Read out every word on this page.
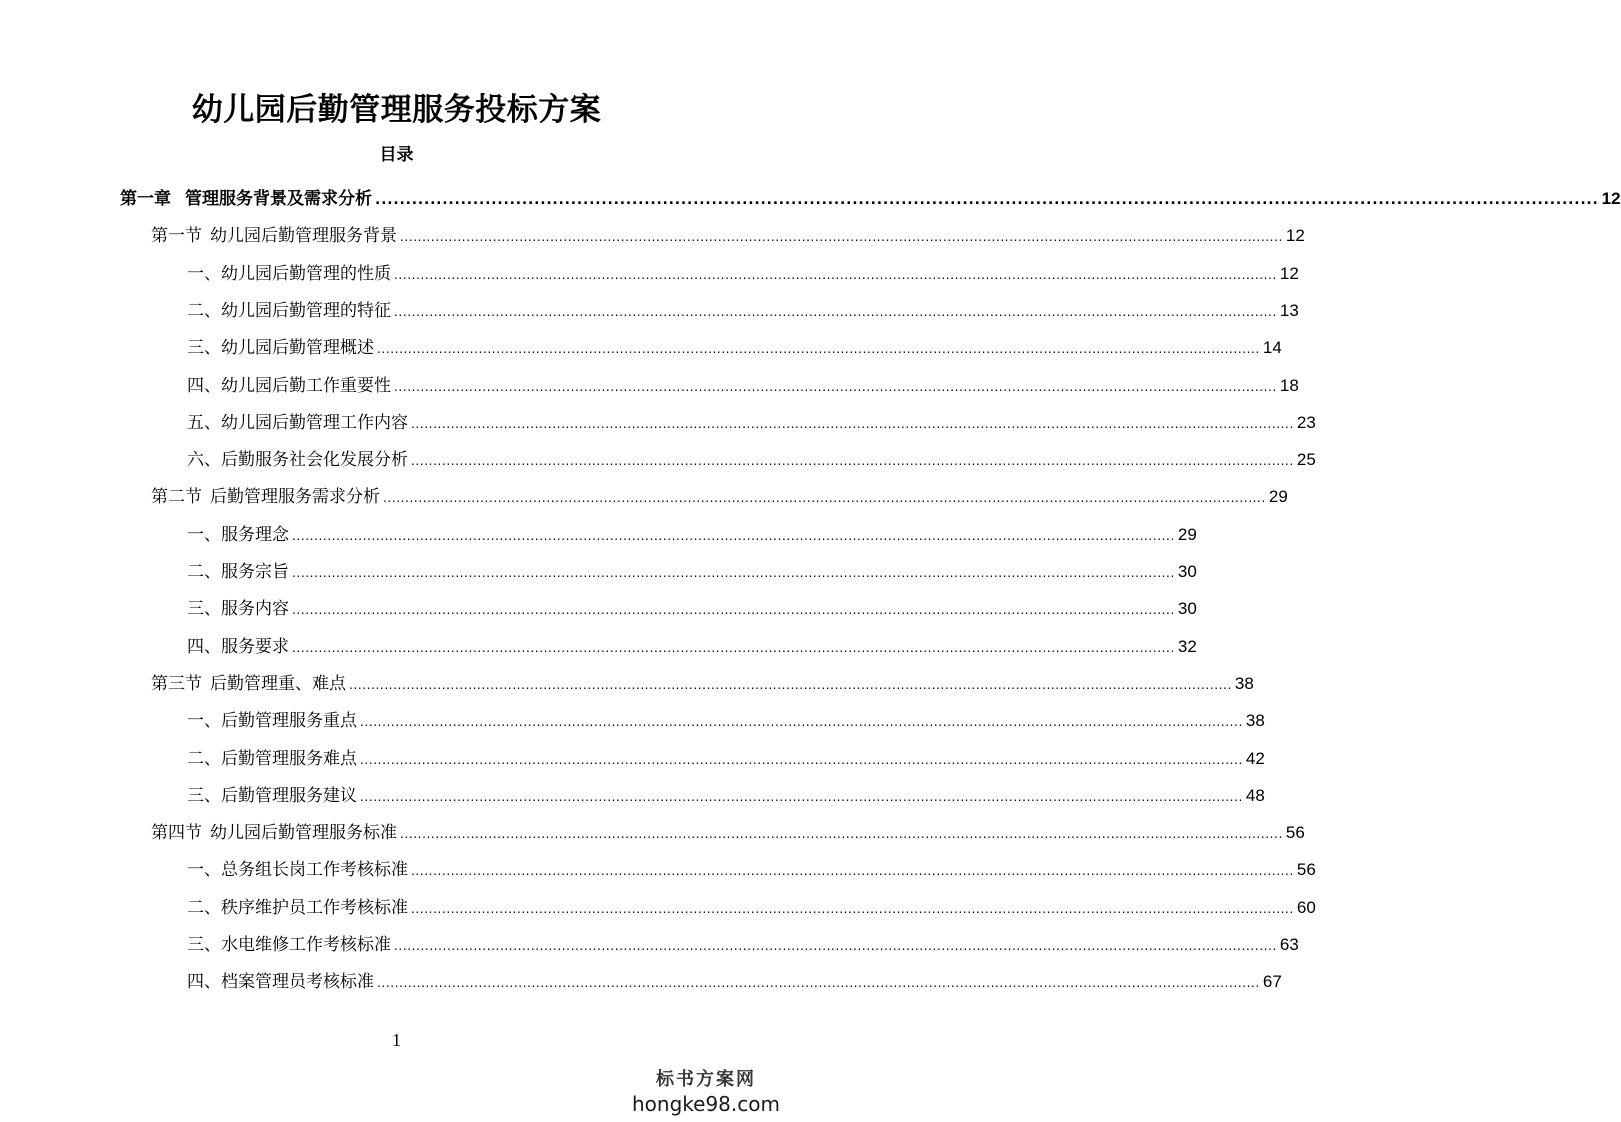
幼儿园后勤管理服务投标方案
目录
第一章 管理服务背景及需求分析 ........................................................................................................................................................................................................ 12
第一节 幼儿园后勤管理服务背景 ........................................................................................................................................................................................................ 12
一、幼儿园后勤管理的性质 ........................................................................................................................................................................................................ 12
二、幼儿园后勤管理的特征 ........................................................................................................................................................................................................ 13
三、幼儿园后勤管理概述 ........................................................................................................................................................................................................ 14
四、幼儿园后勤工作重要性 ........................................................................................................................................................................................................ 18
五、幼儿园后勤管理工作内容 ........................................................................................................................................................................................................ 23
六、后勤服务社会化发展分析 ........................................................................................................................................................................................................ 25
第二节 后勤管理服务需求分析 ........................................................................................................................................................................................................ 29
一、服务理念 ........................................................................................................................................................................................................ 29
二、服务宗旨 ........................................................................................................................................................................................................ 30
三、服务内容 ........................................................................................................................................................................................................ 30
四、服务要求 ........................................................................................................................................................................................................ 32
第三节 后勤管理重、难点 ........................................................................................................................................................................................................ 38
一、后勤管理服务重点 ........................................................................................................................................................................................................ 38
二、后勤管理服务难点 ........................................................................................................................................................................................................ 42
三、后勤管理服务建议 ........................................................................................................................................................................................................ 48
第四节 幼儿园后勤管理服务标准 ........................................................................................................................................................................................................ 56
一、总务组长岗工作考核标准 ........................................................................................................................................................................................................ 56
二、秩序维护员工作考核标准 ........................................................................................................................................................................................................ 60
三、水电维修工作考核标准 ........................................................................................................................................................................................................ 63
四、档案管理员考核标准 ........................................................................................................................................................................................................ 67
1
标书方案网
hongke98.com
